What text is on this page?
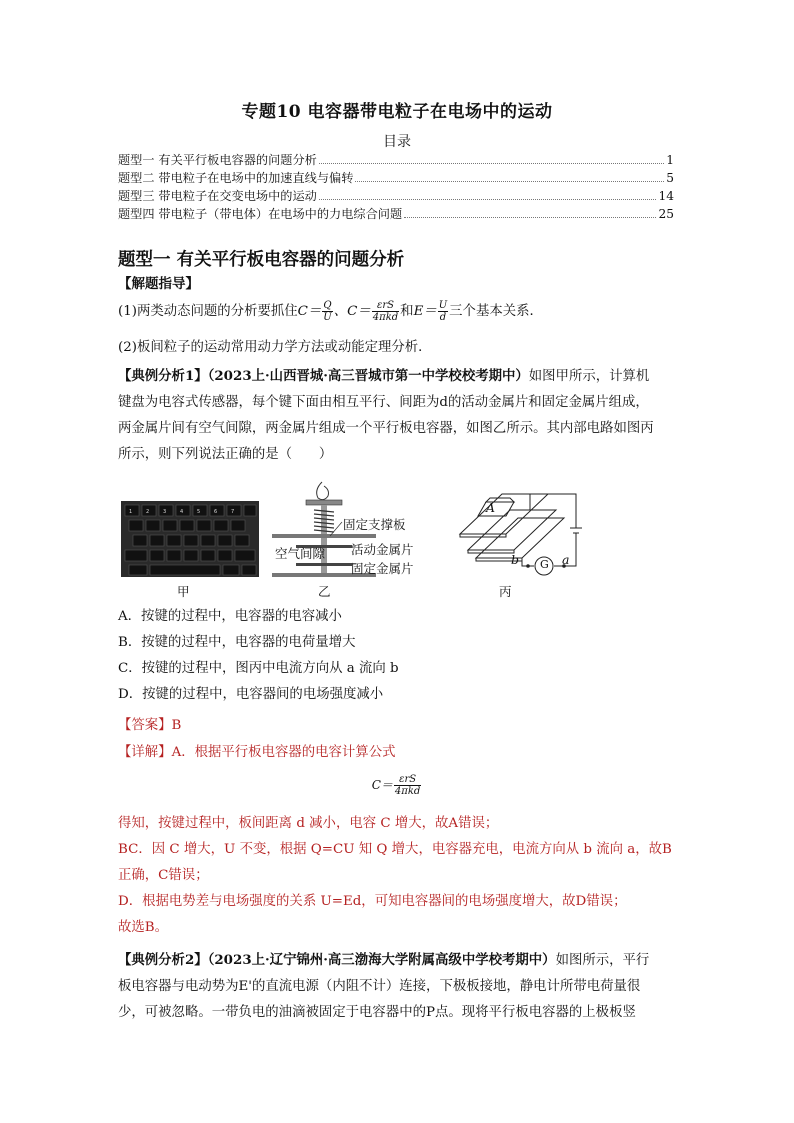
专题10 电容器带电粒子在电场中的运动
目录
题型一 有关平行板电容器的问题分析	1
题型二 带电粒子在电场中的加速直线与偏转	5
题型三 带电粒子在交变电场中的运动	14
题型四 带电粒子（带电体）在电场中的力电综合问题	25
题型一 有关平行板电容器的问题分析
【解题指导】
(1)两类动态问题的分析要抓住$C= \frac{Q}{U}$ 、$C= \frac{\text{εrS}}{\text{4πkd}}$ 和$E= \frac{U}{d}$ 三个基本关系．
(2)板间粒子的运动常用动力学方法或动能定理分析．
【典例分析1】（2023上·山西晋城·高三晋城市第一中学校校考期中）如图甲所示，计算机
键盘为电容式传感器，每个键下面由相互平行、间距为d的活动金属片和固定金属片组成，
两金属片间有空气间隙，两金属片组成一个平行板电容器，如图乙所示。其内部电路如图丙
所示，则下列说法正确的是（　　）
1	2	3	4	5	6	7
甲
固定支撑板
空气间隙 活动金属片
固定金属片
乙
A
b	a
G
丙
A．按键的过程中，电容器的电容减小
B．按键的过程中，电容器的电荷量增大
C．按键的过程中，图丙中电流方向从 a 流向 b
D．按键的过程中，电容器间的电场强度减小
【答案】B
【详解】A．根据平行板电容器的电容计算公式
$C= \frac{\text{εrS}}{\text{4πkd}}$
得知，按键过程中，板间距离 d 减小，电容 C 增大，故A错误；
BC．因 C 增大，U 不变，根据 Q=CU 知 Q 增大，电容器充电，电流方向从 b 流向 a，故B
正确，C错误；
D．根据电势差与电场强度的关系 U=Ed，可知电容器间的电场强度增大，故D错误；
故选B。
【典例分析2】（2023上·辽宁锦州·高三渤海大学附属高级中学校考期中）如图所示，平行
板电容器与电动势为E'的直流电源（内阻不计）连接，下极板接地，静电计所带电荷量很
少，可被忽略。一带负电的油滴被固定于电容器中的P点。现将平行板电容器的上极板竖
